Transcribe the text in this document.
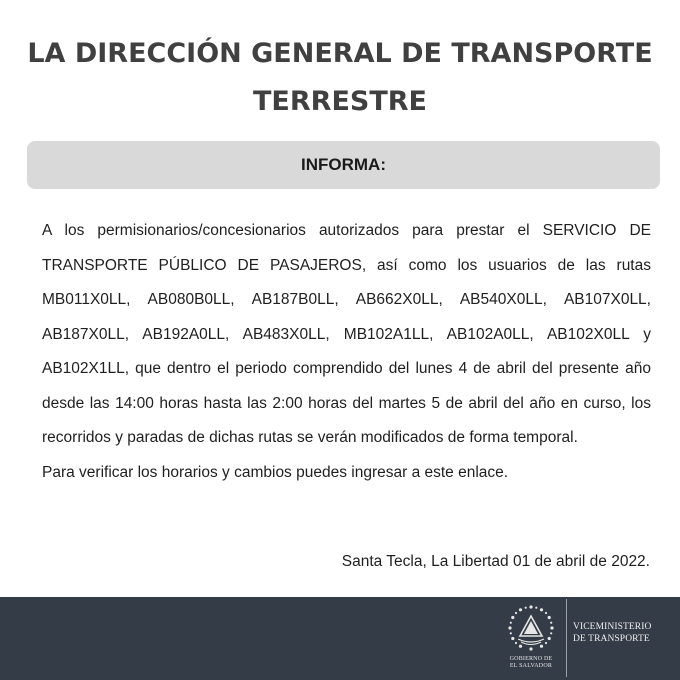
LA DIRECCIÓN GENERAL DE TRANSPORTE
TERRESTRE
INFORMA:

A los permisionarios/concesionarios autorizados para prestar el SERVICIO DE TRANSPORTE PÚBLICO DE PASAJEROS, así como los usuarios de las rutas MB011X0LL, AB080B0LL, AB187B0LL, AB662X0LL, AB540X0LL, AB107X0LL, AB187X0LL, AB192A0LL, AB483X0LL, MB102A1LL, AB102A0LL, AB102X0LL y AB102X1LL, que dentro el periodo comprendido del lunes 4 de abril del presente año desde las 14:00 horas hasta las 2:00 horas del martes 5 de abril del año en curso, los recorridos y paradas de dichas rutas se verán modificados de forma temporal.

Para verificar los horarios y cambios puedes ingresar a este enlace.

Santa Tecla, La Libertad 01 de abril de 2022.
GOBIERNO DE
EL SALVADOR
VICEMINISTERIO
DE TRANSPORTE
